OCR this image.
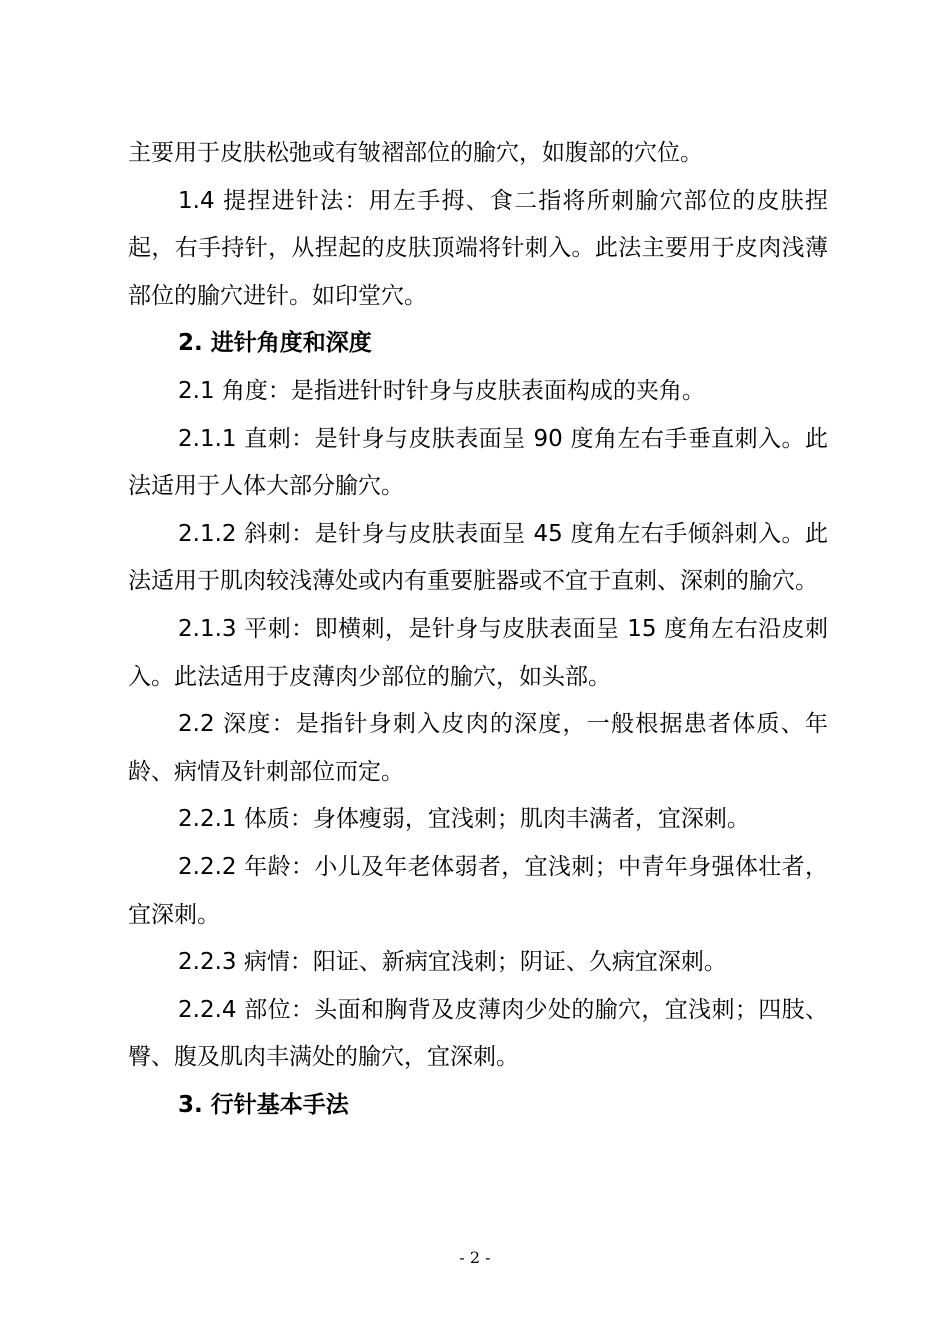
主要用于皮肤松弛或有皱褶部位的腧穴，如腹部的穴位。

1.4 提捏进针法：用左手拇、食二指将所刺腧穴部位的皮肤捏起，右手持针，从捏起的皮肤顶端将针刺入。此法主要用于皮肉浅薄部位的腧穴进针。如印堂穴。

2. 进针角度和深度

2.1 角度：是指进针时针身与皮肤表面构成的夹角。

2.1.1 直刺：是针身与皮肤表面呈 90 度角左右手垂直刺入。此法适用于人体大部分腧穴。

2.1.2 斜刺：是针身与皮肤表面呈 45 度角左右手倾斜刺入。此法适用于肌肉较浅薄处或内有重要脏器或不宜于直刺、深刺的腧穴。

2.1.3 平刺：即横刺，是针身与皮肤表面呈 15 度角左右沿皮刺入。此法适用于皮薄肉少部位的腧穴，如头部。

2.2 深度：是指针身刺入皮肉的深度，一般根据患者体质、年龄、病情及针刺部位而定。

2.2.1 体质：身体瘦弱，宜浅刺；肌肉丰满者，宜深刺。

2.2.2 年龄：小儿及年老体弱者，宜浅刺；中青年身强体壮者，宜深刺。

2.2.3 病情：阳证、新病宜浅刺；阴证、久病宜深刺。

2.2.4 部位：头面和胸背及皮薄肉少处的腧穴，宜浅刺；四肢、臀、腹及肌肉丰满处的腧穴，宜深刺。

3. 行针基本手法

- 2 -
